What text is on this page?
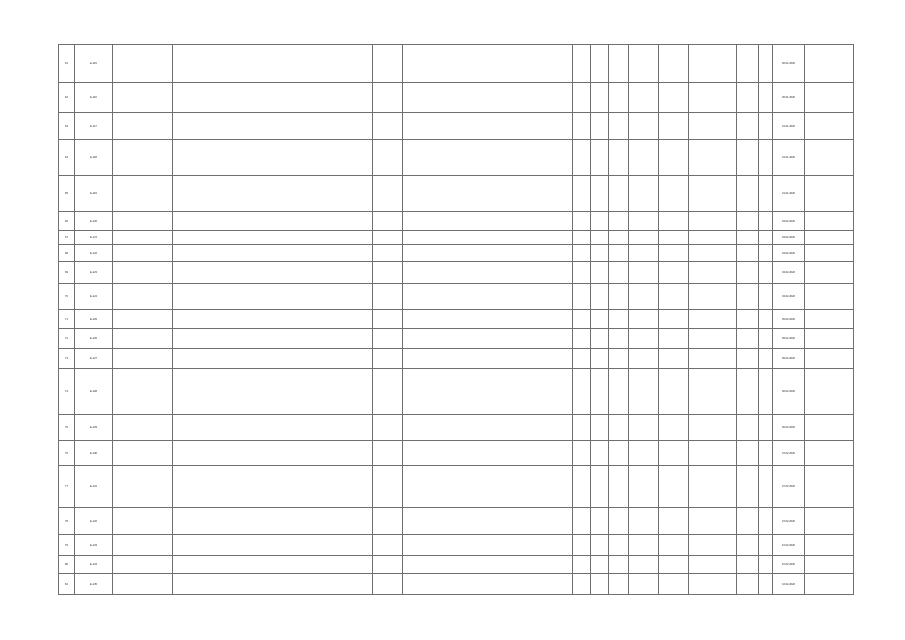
61	Е-115													30.01.2020	
62	Е-116													30.01.2020	
63	Е-117													31.01.2020	
64	Е-118													31.01.2020	
65	Е-119													31.01.2020	
66	Е-120													03.02.2020	
67	Е-121													03.02.2020	
68	Е-122													04.02.2020	
69	Е-123													04.02.2020	
70	Е-124													04.02.2020	
71	Е-125													05.02.2020	
72	Е-126													05.02.2020	
73	Е-127													05.02.2020	
74	Е-128													06.02.2020	
75	Е-129													06.02.2020	
76	Е-130													07.02.2020	
77	Е-131													07.02.2020	
78	Е-132													07.02.2020	
79	Е-133													10.02.2020	
80	Е-134													10.02.2020	
81	Е-135													10.02.2020	
